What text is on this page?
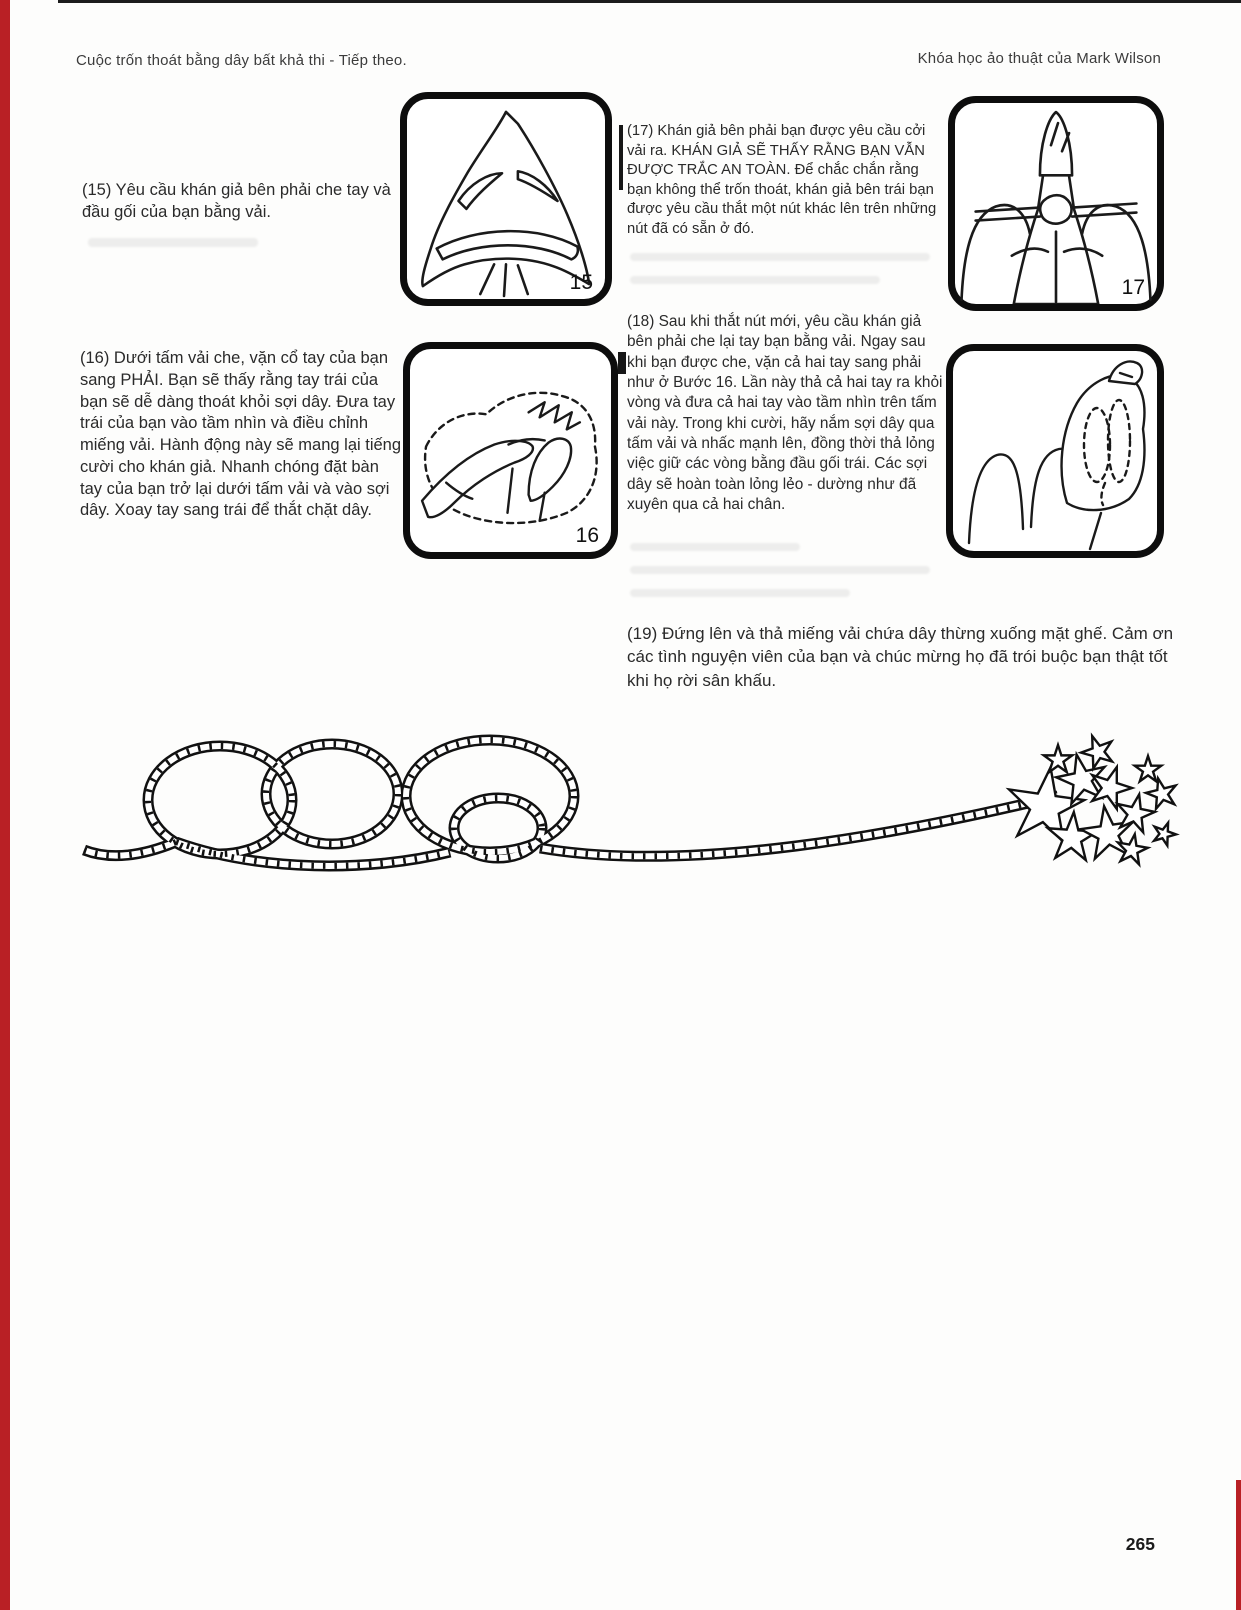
Cuộc trốn thoát bằng dây bất khả thi - Tiếp theo.	Khóa học ảo thuật của Mark Wilson
(15) Yêu cầu khán giả bên phải che tay và đầu gối của bạn bằng vải.
(16) Dưới tấm vải che, vặn cổ tay của bạn sang PHẢI. Bạn sẽ thấy rằng tay trái của bạn sẽ dễ dàng thoát khỏi sợi dây. Đưa tay trái của bạn vào tầm nhìn và điều chỉnh miếng vải. Hành động này sẽ mang lại tiếng cười cho khán giả. Nhanh chóng đặt bàn tay của bạn trở lại dưới tấm vải và vào sợi dây. Xoay tay sang trái để thắt chặt dây.
(17) Khán giả bên phải bạn được yêu cầu cởi vải ra. KHÁN GIẢ SẼ THẤY RẰNG BẠN VẪN ĐƯỢC TRẮC AN TOÀN. Để chắc chắn rằng bạn không thể trốn thoát, khán giả bên trái bạn được yêu cầu thắt một nút khác lên trên những nút đã có sẵn ở đó.
(18) Sau khi thắt nút mới, yêu cầu khán giả bên phải che lại tay bạn bằng vải. Ngay sau khi bạn được che, vặn cả hai tay sang phải như ở Bước 16. Lần này thả cả hai tay ra khỏi vòng và đưa cả hai tay vào tầm nhìn trên tấm vải này. Trong khi cười, hãy nắm sợi dây qua tấm vải và nhấc mạnh lên, đồng thời thả lỏng việc giữ các vòng bằng đầu gối trái. Các sợi dây sẽ hoàn toàn lỏng lẻo - dường như đã xuyên qua cả hai chân.
(19) Đứng lên và thả miếng vải chứa dây thừng xuống mặt ghế. Cảm ơn các tình nguyện viên của bạn và chúc mừng họ đã trói buộc bạn thật tốt khi họ rời sân khấu.
15	17
16
265
